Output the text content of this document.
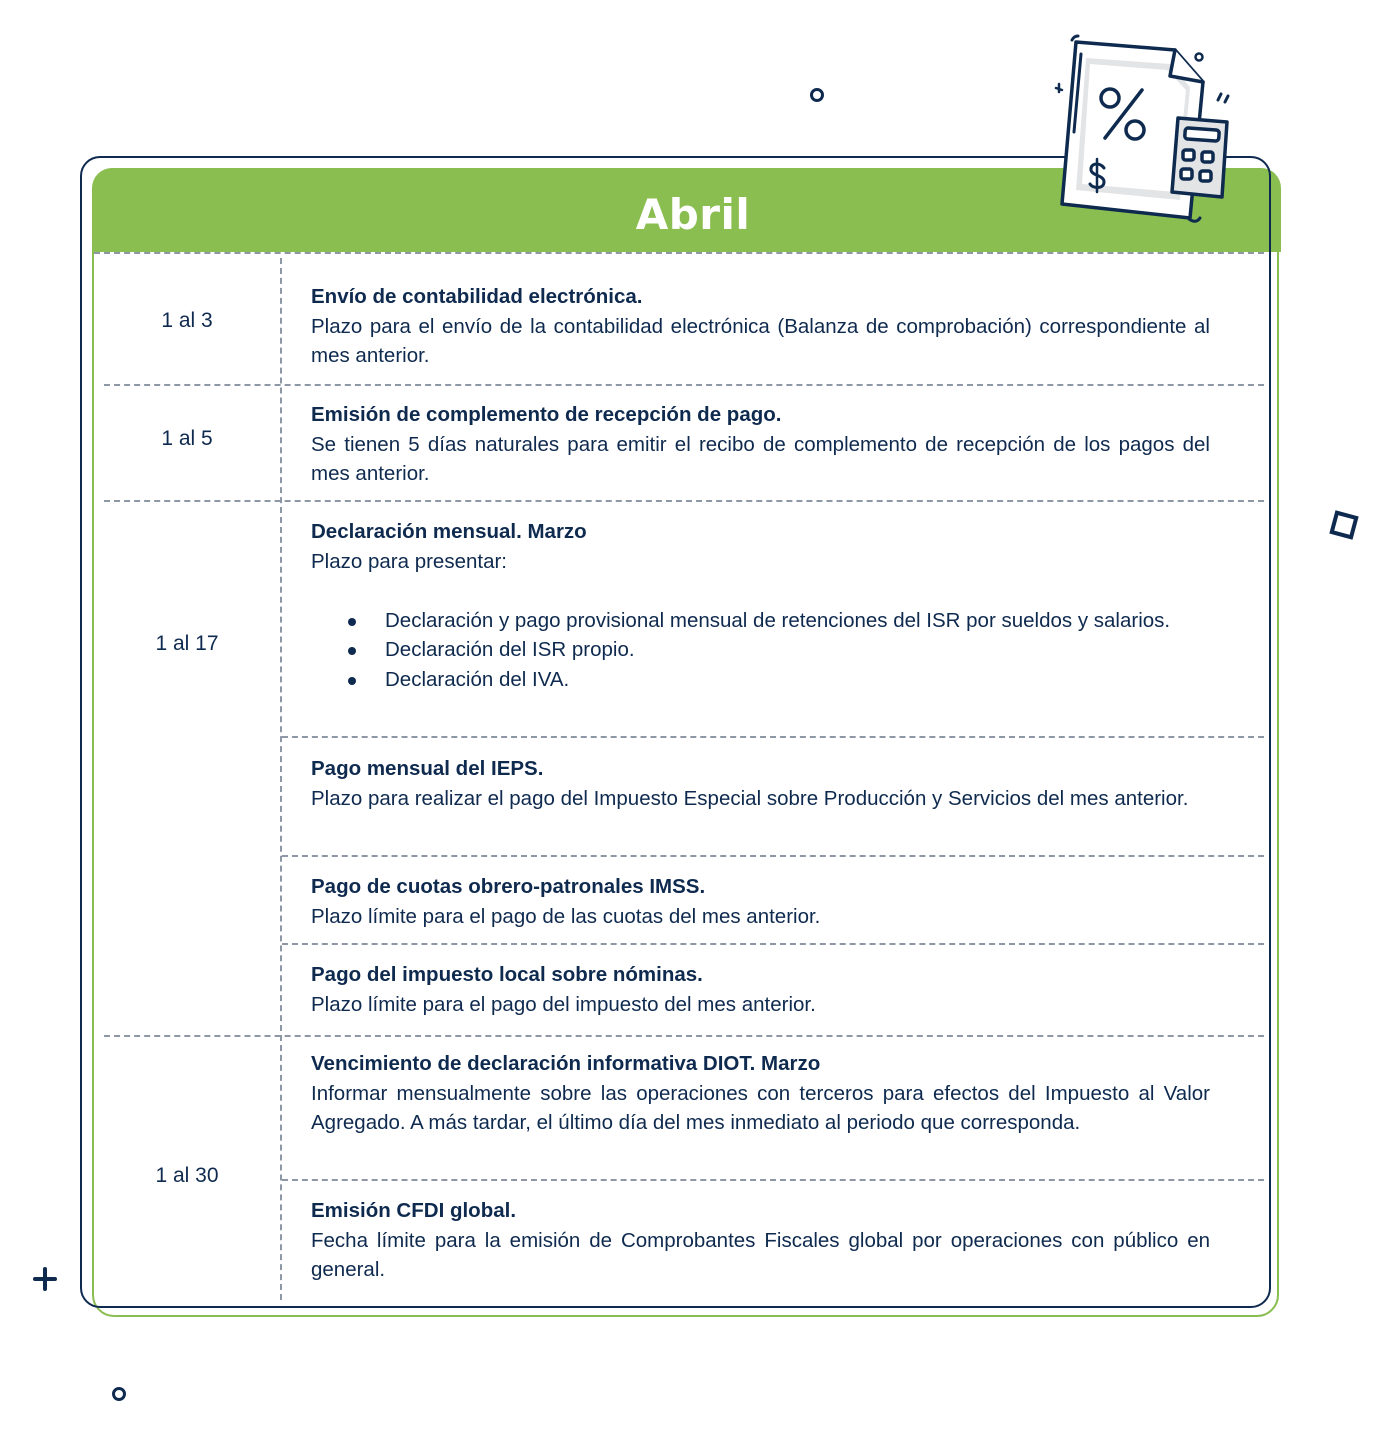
Abril
1 al 3
1 al 5
1 al 17
1 al 30
Envío de contabilidad electrónica.
Plazo para el envío de la contabilidad electrónica (Balanza de comprobación) correspondiente al mes anterior.
Emisión de complemento de recepción de pago.
Se tienen 5 días naturales para emitir el recibo de complemento de recepción de los pagos del mes anterior.
Declaración mensual. Marzo
Plazo para presentar:
Declaración y pago provisional mensual de retenciones del ISR por sueldos y salarios.
Declaración del ISR propio.
Declaración del IVA.
Pago mensual del IEPS.
Plazo para realizar el pago del Impuesto Especial sobre Producción y Servicios del mes anterior.
Pago de cuotas obrero-patronales IMSS.
Plazo límite para el pago de las cuotas del mes anterior.
Pago del impuesto local sobre nóminas.
Plazo límite para el pago del impuesto del mes anterior.
Vencimiento de declaración informativa DIOT. Marzo
Informar mensualmente sobre las operaciones con terceros para efectos del Impuesto al Valor Agregado. A más tardar, el último día del mes inmediato al periodo que corresponda.
Emisión CFDI global.
Fecha límite para la emisión de Comprobantes Fiscales global por operaciones con público en general.
